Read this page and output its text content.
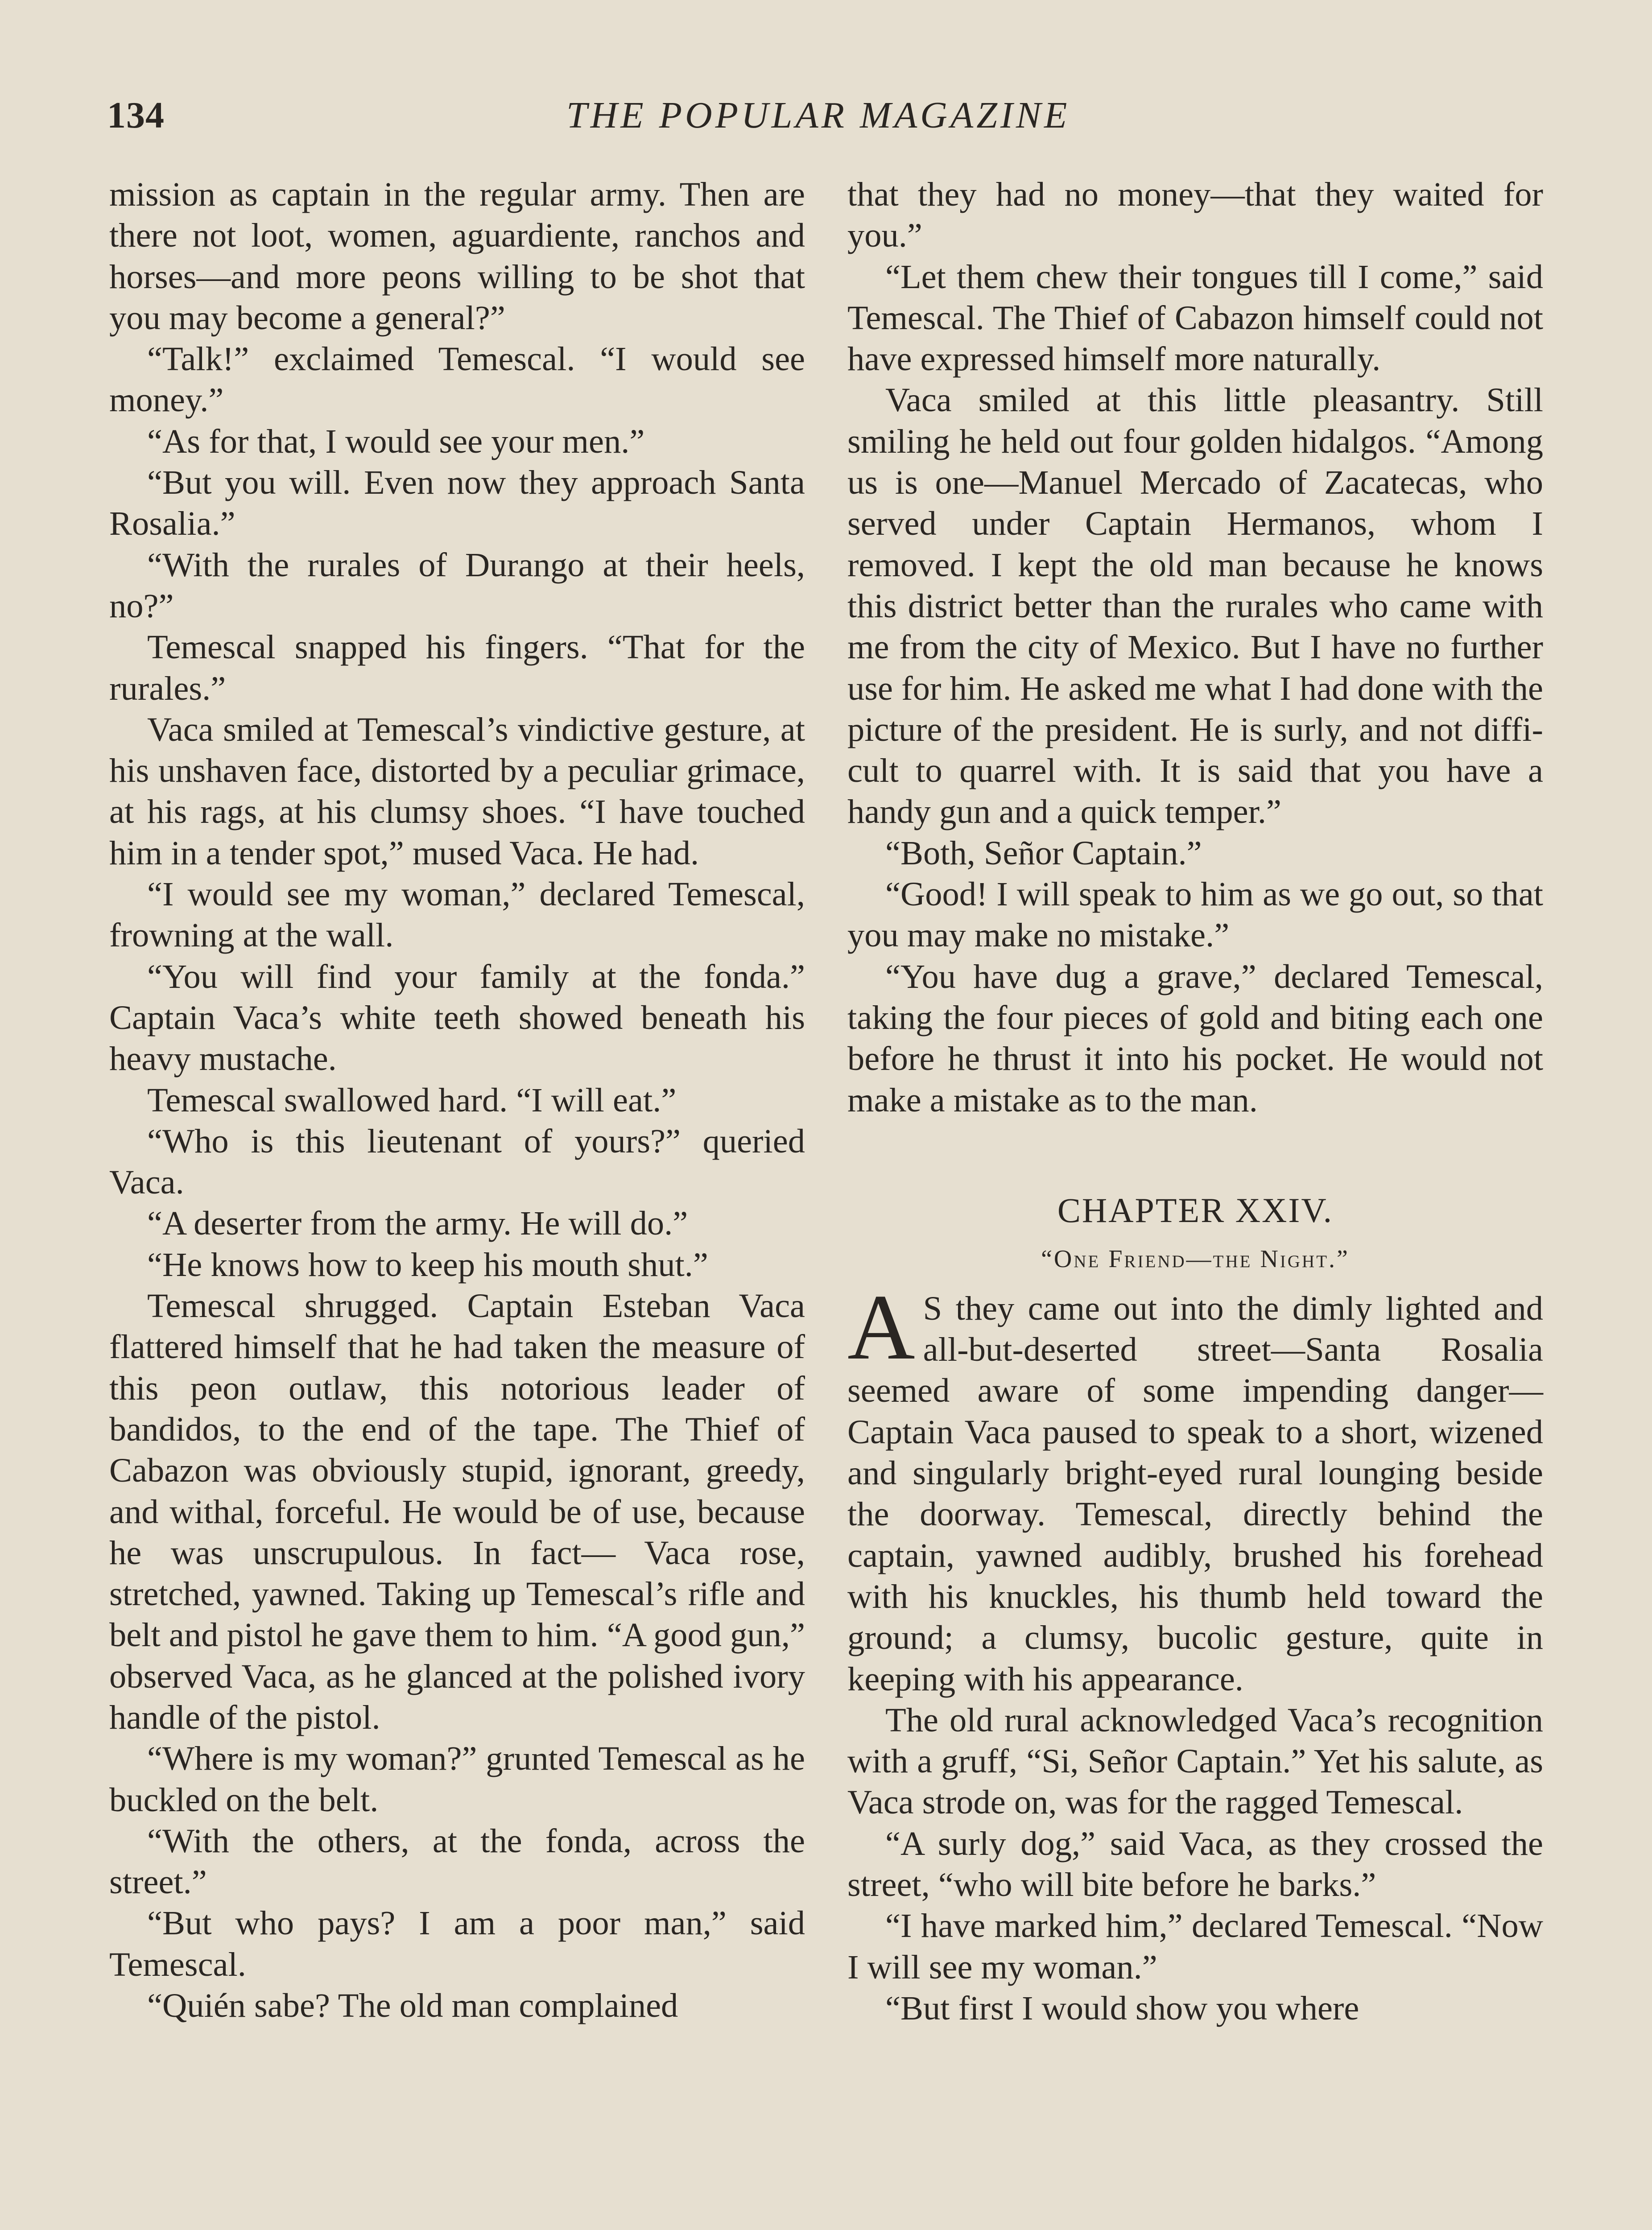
134	THE POPULAR MAGAZINE

mission as captain in the regular army. Then are there not loot, women, aguardiente, ranchos and horses—and more peons willing to be shot that you may become a general?”

“Talk!” exclaimed Temescal. “I would see money.”

“As for that, I would see your men.”

“But you will. Even now they approach Santa Rosalia.”

“With the rurales of Durango at their heels, no?”

Temescal snapped his fingers. “That for the rurales.”

Vaca smiled at Temescal’s vindictive gesture, at his unshaven face, distorted by a peculiar grimace, at his rags, at his clumsy shoes. “I have touched him in a tender spot,” mused Vaca. He had.

“I would see my woman,” declared Temescal, frowning at the wall.

“You will find your family at the fonda.” Captain Vaca’s white teeth showed beneath his heavy mustache.

Temescal swallowed hard. “I will eat.”

“Who is this lieutenant of yours?” queried Vaca.

“A deserter from the army. He will do.”

“He knows how to keep his mouth shut.”

Temescal shrugged. Captain Esteban Vaca flattered himself that he had taken the measure of this peon outlaw, this notorious leader of bandidos, to the end of the tape. The Thief of Cabazon was obviously stupid, ignorant, greedy, and withal, forceful. He would be of use, because he was unscrupulous. In fact— Vaca rose, stretched, yawned. Taking up Temescal’s rifle and belt and pistol he gave them to him. “A good gun,” observed Vaca, as he glanced at the polished ivory handle of the pistol.

“Where is my woman?” grunted Temescal as he buckled on the belt.

“With the others, at the fonda, across the street.”

“But who pays? I am a poor man,” said Temescal.

“Quién sabe? The old man complained

that they had no money—that they waited for you.”

“Let them chew their tongues till I come,” said Temescal. The Thief of Cabazon himself could not have expressed himself more naturally.

Vaca smiled at this little pleasantry. Still smiling he held out four golden hidalgos. “Among us is one—Manuel Mercado of Zacatecas, who served under Captain Hermanos, whom I removed. I kept the old man because he knows this district better than the rurales who came with me from the city of Mexico. But I have no further use for him. He asked me what I had done with the picture of the president. He is surly, and not difficult to quarrel with. It is said that you have a handy gun and a quick temper.”

“Both, Señor Captain.”

“Good! I will speak to him as we go out, so that you may make no mistake.”

“You have dug a grave,” declared Temescal, taking the four pieces of gold and biting each one before he thrust it into his pocket. He would not make a mistake as to the man.

CHAPTER XXIV.
“One Friend—the Night.”

A S they came out into the dimly lighted and all-but-deserted street—Santa Rosalia seemed aware of some impending danger—Captain Vaca paused to speak to a short, wizened and singularly bright-eyed rural lounging beside the doorway. Temescal, directly behind the captain, yawned audibly, brushed his forehead with his knuckles, his thumb held toward the ground; a clumsy, bucolic gesture, quite in keeping with his appearance.

The old rural acknowledged Vaca’s recognition with a gruff, “Si, Señor Captain.” Yet his salute, as Vaca strode on, was for the ragged Temescal.

“A surly dog,” said Vaca, as they crossed the street, “who will bite before he barks.”

“I have marked him,” declared Temescal. “Now I will see my woman.”

“But first I would show you where
